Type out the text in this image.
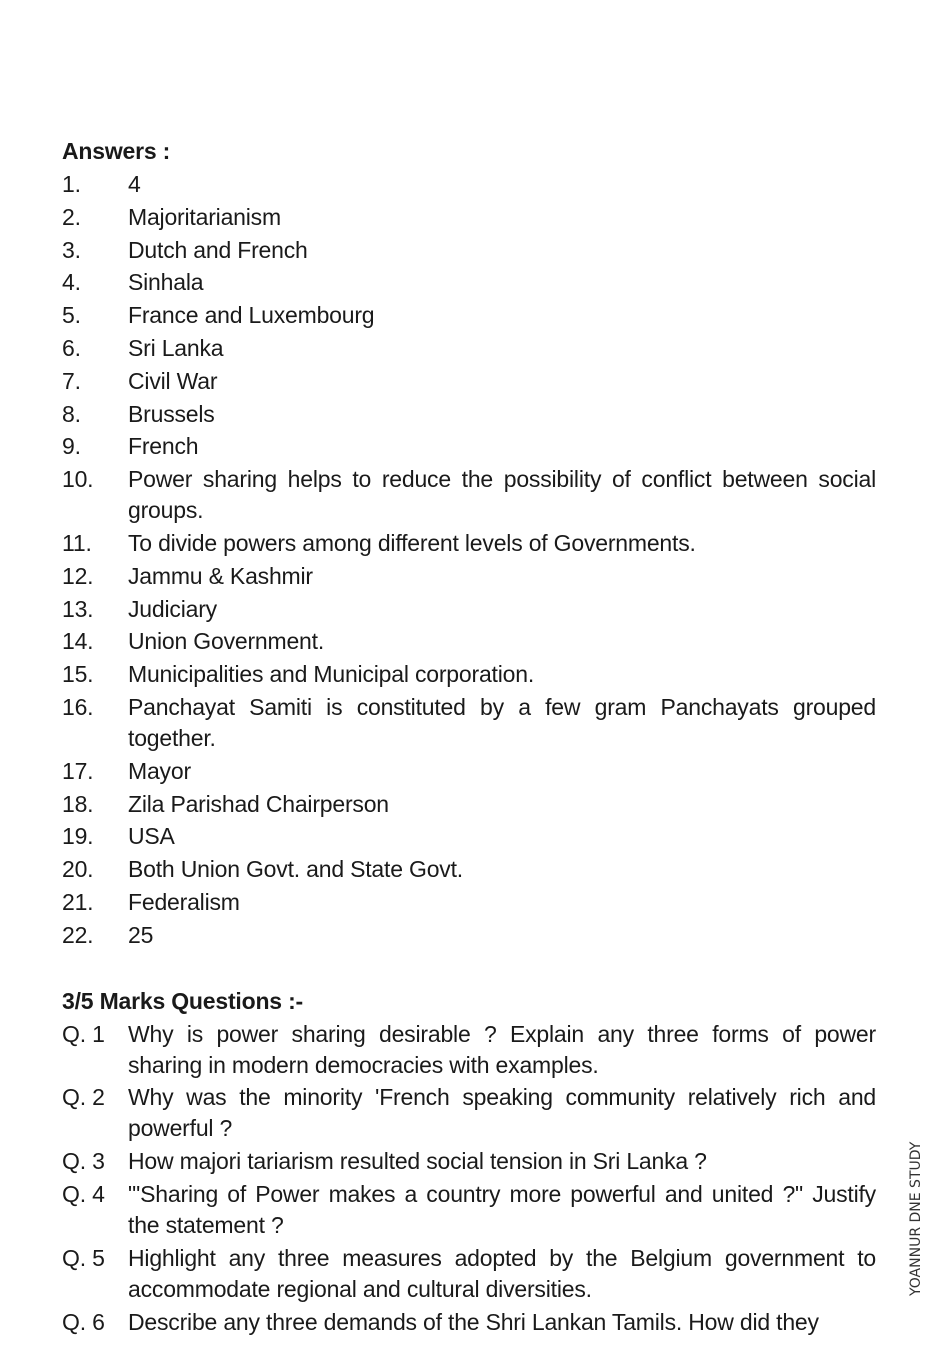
Answers :
1.	4
2.	Majoritarianism
3.	Dutch and French
4.	Sinhala
5.	France and Luxembourg
6.	Sri Lanka
7.	Civil War
8.	Brussels
9.	French
10.	Power sharing helps to reduce the possibility of conflict between social groups.
11.	To divide powers among different levels of Governments.
12.	Jammu & Kashmir
13.	Judiciary
14.	Union Government.
15.	Municipalities and Municipal corporation.
16.	Panchayat Samiti is constituted by a few gram Panchayats grouped together.
17.	Mayor
18.	Zila Parishad Chairperson
19.	USA
20.	Both Union Govt. and State Govt.
21.	Federalism
22.	25
3/5 Marks Questions :-
Q. 1	Why is power sharing desirable ? Explain any three forms of power sharing in modern democracies with examples.
Q. 2	Why was the minority 'French speaking community relatively rich and powerful ?
Q. 3	How majori tariarism resulted social tension in Sri Lanka ?
Q. 4	"'Sharing of Power makes a country more powerful and united ?" Justify the statement ?
Q. 5	Highlight any three measures adopted by the Belgium government to accommodate regional and cultural diversities.
Q. 6	Describe any three demands of the Shri Lankan Tamils. How did they
YOANNUR DNE STUDY
